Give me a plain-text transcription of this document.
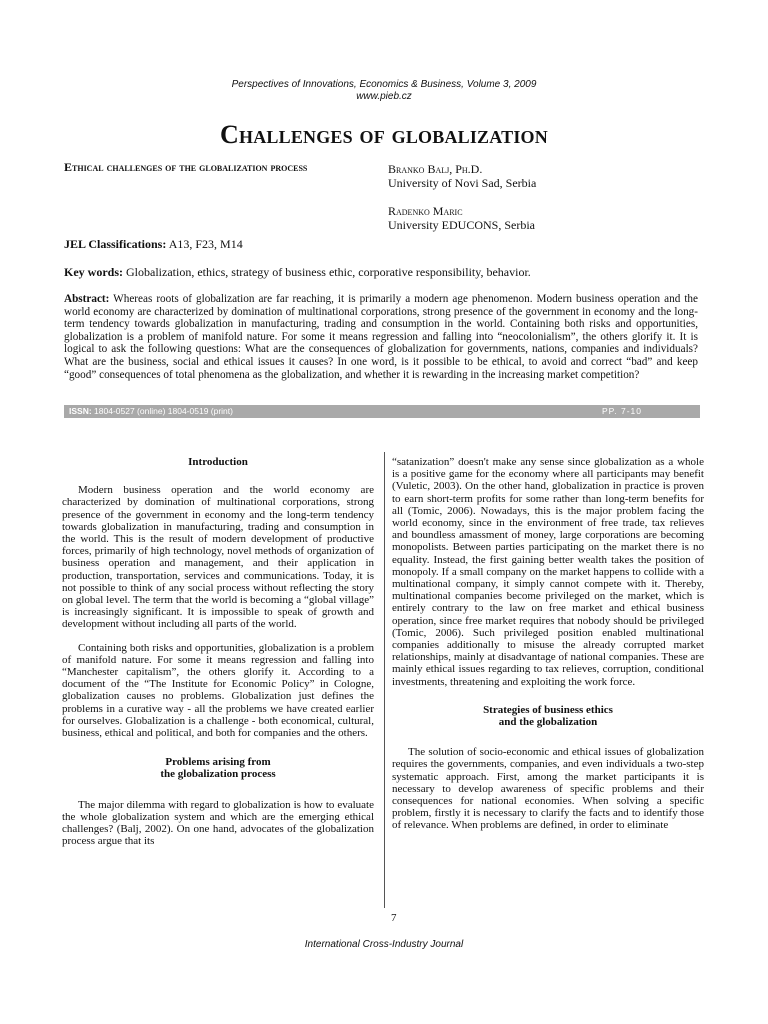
Perspectives of Innovations, Economics & Business, Volume 3, 2009
www.pieb.cz
Challenges of globalization
Ethical challenges of the globalization process	Branko Balj, Ph.D.
University of Novi Sad, Serbia
Radenko Maric
University EDUCONS, Serbia
JEL Classifications: A13, F23, M14
Key words: Globalization, ethics, strategy of business ethic, corporative responsibility, behavior.
Abstract: Whereas roots of globalization are far reaching, it is primarily a modern age phenomenon. Modern business operation and the world economy are characterized by domination of multinational corporations, strong presence of the government in economy and the long-term tendency towards globalization in manufacturing, trading and consumption in the world. Containing both risks and opportunities, globalization is a problem of manifold nature. For some it means regression and falling into “neocolonialism”, the others glorify it. It is logical to ask the following questions: What are the consequences of globalization for governments, nations, companies and individuals? What are the business, social and ethical issues it causes? In one word, is it possible to be ethical, to avoid and correct “bad” and keep “good” consequences of total phenomena as the globalization, and whether it is rewarding in the increasing market competition?
ISSN: 1804-0527 (online) 1804-0519 (print)	PP. 7-10
Introduction

Modern business operation and the world economy are characterized by domination of multinational corporations, strong presence of the government in economy and the long-term tendency towards globalization in manufacturing, trading and consumption in the world. This is the result of modern development of productive forces, primarily of high technology, novel methods of organization of business operation and management, and their application in production, transportation, services and communications. Today, it is not possible to think of any social process without reflecting the story on global level. The term that the world is becoming a “global village” is increasingly significant. It is impossible to speak of growth and development without including all parts of the world.

Containing both risks and opportunities, globalization is a problem of manifold nature. For some it means regression and falling into “Manchester capitalism”, the others glorify it. According to a document of the “The Institute for Economic Policy” in Cologne, globalization causes no problems. Globalization just defines the problems in a curative way - all the problems we have created earlier for ourselves. Globalization is a challenge - both economical, cultural, business, ethical and political, and both for companies and the others.

Problems arising from
the globalization process

The major dilemma with regard to globalization is how to evaluate the whole globalization system and which are the emerging ethical challenges? (Balj, 2002). On one hand, advocates of the globalization process argue that its

“satanization” doesn't make any sense since globalization as a whole is a positive game for the economy where all participants may benefit (Vuletic, 2003). On the other hand, globalization in practice is proven to earn short-term profits for some rather than long-term benefits for all (Tomic, 2006). Nowadays, this is the major problem facing the world economy, since in the environment of free trade, tax relieves and boundless amassment of money, large corporations are becoming monopolists. Between parties participating on the market there is no equality. Instead, the first gaining better wealth takes the position of monopoly. If a small company on the market happens to collide with a multinational company, it simply cannot compete with it. Thereby, multinational companies become privileged on the market, which is entirely contrary to the law on free market and ethical business operation, since free market requires that nobody should be privileged (Tomic, 2006). Such privileged position enabled multinational companies additionally to misuse the already corrupted market relationships, mainly at disadvantage of national companies. These are mainly ethical issues regarding to tax relieves, corruption, conditional investments, threatening and exploiting the work force.

Strategies of business ethics
and the globalization

The solution of socio-economic and ethical issues of globalization requires the governments, companies, and even individuals a two-step systematic approach. First, among the market participants it is necessary to develop awareness of specific problems and their consequences for national economies. When solving a specific problem, firstly it is necessary to clarify the facts and to identify those of relevance. When problems are defined, in order to eliminate

7
International Cross-Industry Journal
